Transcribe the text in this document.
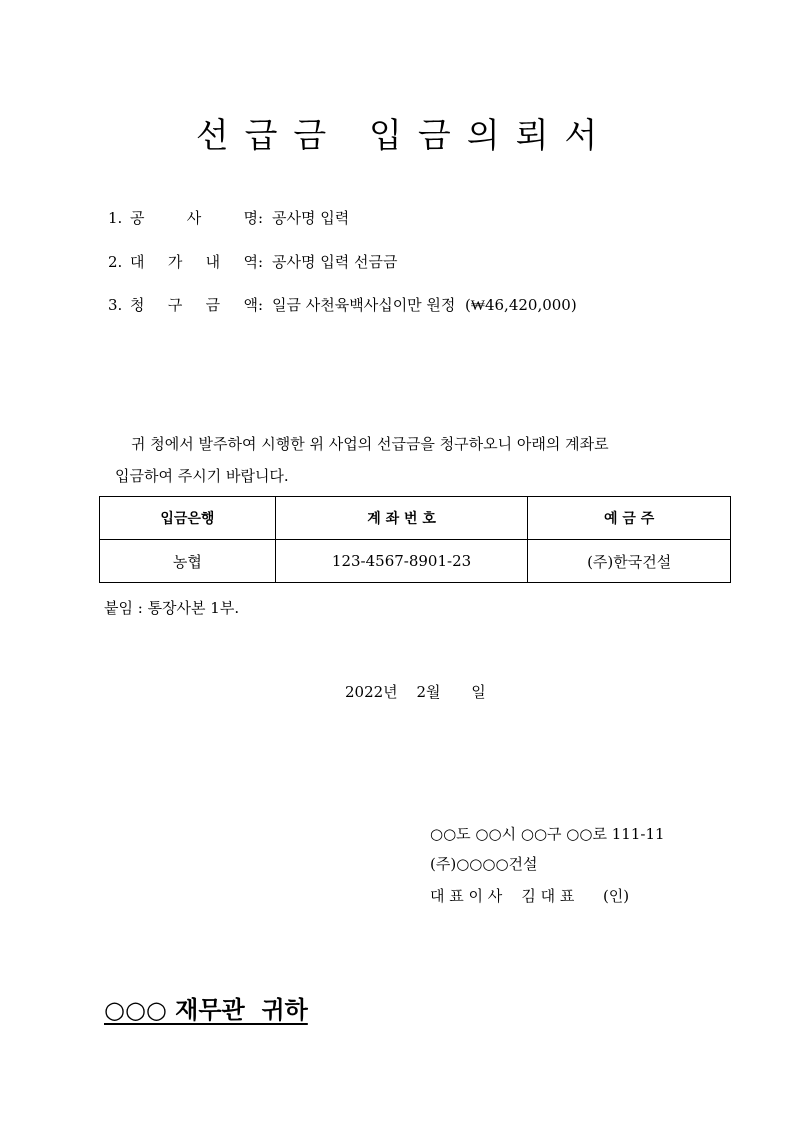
선급금 입금의뢰서
1. 공	사	명 : 공사명 입력
2. 대 가 내 역 : 공사명 입력 선금금
3. 청 구 금 액 : 일금 사천육백사십이만 원정  (₩46,420,000)
귀 청에서 발주하여 시행한 위 사업의 선급금을 청구하오니 아래의 계좌로
입금하여 주시기 바랍니다.
입금은행	계 좌 번 호	예 금 주
농협	123-4567-8901-23	(주)한국건설
붙임 : 통장사본 1부.
2022년 2월 일
○○도 ○○시 ○○구 ○○로 111-11
(주)○○○○건설
대 표 이 사    김 대 표      (인)
○○○ 재무관  귀하
